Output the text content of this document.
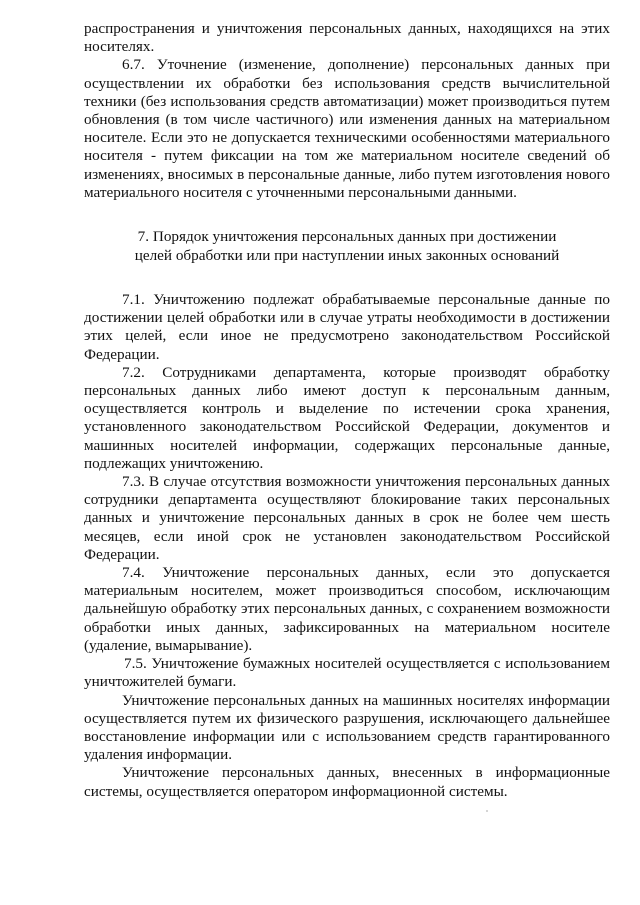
распространения и уничтожения персональных данных, находящихся на этих носителях.

6.7. Уточнение (изменение, дополнение) персональных данных при осуществлении их обработки без использования средств вычислительной техники (без использования средств автоматизации) может производиться путем обновления (в том числе частичного) или изменения данных на материальном носителе. Если это не допускается техническими особенностями материального носителя - путем фиксации на том же материальном носителе сведений об изменениях, вносимых в персональные данные, либо путем изготовления нового материального носителя с уточненными персональными данными.

7. Порядок уничтожения персональных данных при достижении целей обработки или при наступлении иных законных оснований

7.1. Уничтожению подлежат обрабатываемые персональные данные по достижении целей обработки или в случае утраты необходимости в достижении этих целей, если иное не предусмотрено законодательством Российской Федерации.

7.2. Сотрудниками департамента, которые производят обработку персональных данных либо имеют доступ к персональным данным, осуществляется контроль и выделение по истечении срока хранения, установленного законодательством Российской Федерации, документов и машинных носителей информации, содержащих персональные данные, подлежащих уничтожению.

7.3. В случае отсутствия возможности уничтожения персональных данных сотрудники департамента осуществляют блокирование таких персональных данных и уничтожение персональных данных в срок не более чем шесть месяцев, если иной срок не установлен законодательством Российской Федерации.

7.4. Уничтожение персональных данных, если это допускается материальным носителем, может производиться способом, исключающим дальнейшую обработку этих персональных данных, с сохранением возможности обработки иных данных, зафиксированных на материальном носителе (удаление, вымарывание).

7.5. Уничтожение бумажных носителей осуществляется с использованием уничтожителей бумаги.

Уничтожение персональных данных на машинных носителях информации осуществляется путем их физического разрушения, исключающего дальнейшее восстановление информации или с использованием средств гарантированного удаления информации.

Уничтожение персональных данных, внесенных в информационные системы, осуществляется оператором информационной системы.
